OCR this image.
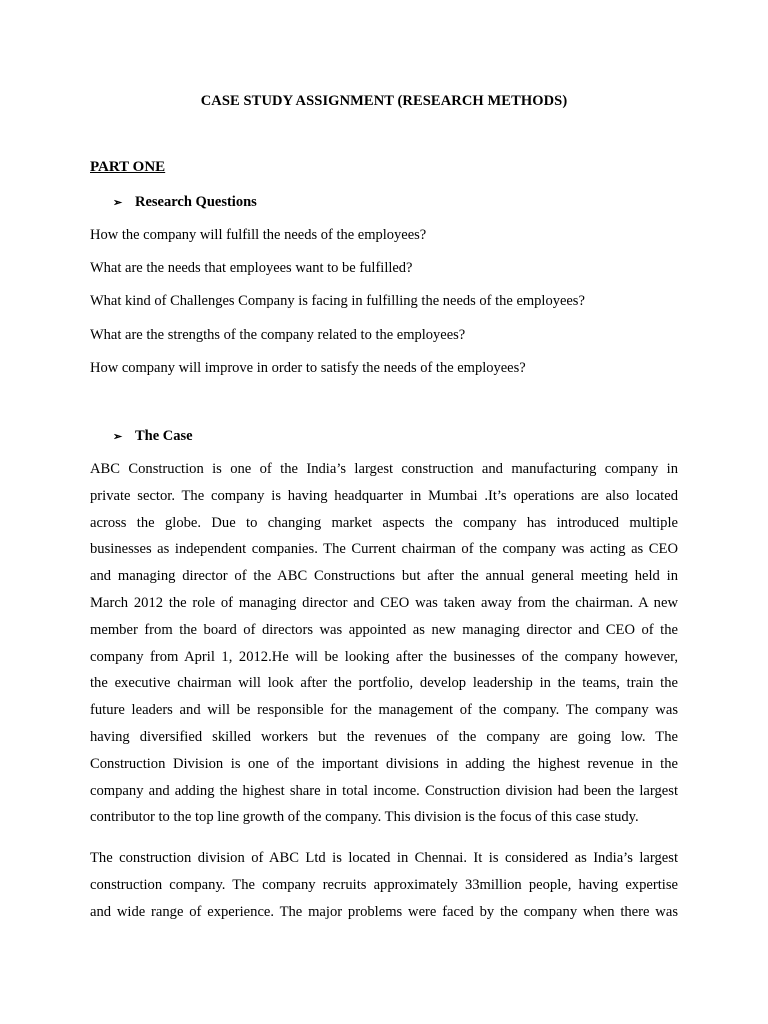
CASE STUDY ASSIGNMENT (RESEARCH METHODS)
PART ONE
➢ Research Questions
How the company will fulfill the needs of the employees?
What are the needs that employees want to be fulfilled?
What kind of Challenges Company is facing in fulfilling the needs of the employees?
What are the strengths of the company related to the employees?
How company will improve in order to satisfy the needs of the employees?
➢ The Case
ABC Construction is one of the India’s largest construction and manufacturing company in
private sector. The company is having headquarter in Mumbai .It’s operations are also located
across the globe. Due to changing market aspects the company has introduced multiple
businesses as independent companies. The Current chairman of the company was acting as CEO
and managing director of the ABC Constructions but after the annual general meeting held in
March 2012 the role of managing director and CEO was taken away from the chairman. A new
member from the board of directors was appointed as new managing director and CEO of the
company from April 1, 2012.He will be looking after the businesses of the company however,
the executive chairman will look after the portfolio, develop leadership in the teams, train the
future leaders and will be responsible for the management of the company. The company was
having diversified skilled workers but the revenues of the company are going low. The
Construction Division is one of the important divisions in adding the highest revenue in the
company and adding the highest share in total income. Construction division had been the largest
contributor to the top line growth of the company. This division is the focus of this case study.
The construction division of ABC Ltd is located in Chennai. It is considered as India’s largest
construction company. The company recruits approximately 33million people, having expertise
and wide range of experience. The major problems were faced by the company when there was
